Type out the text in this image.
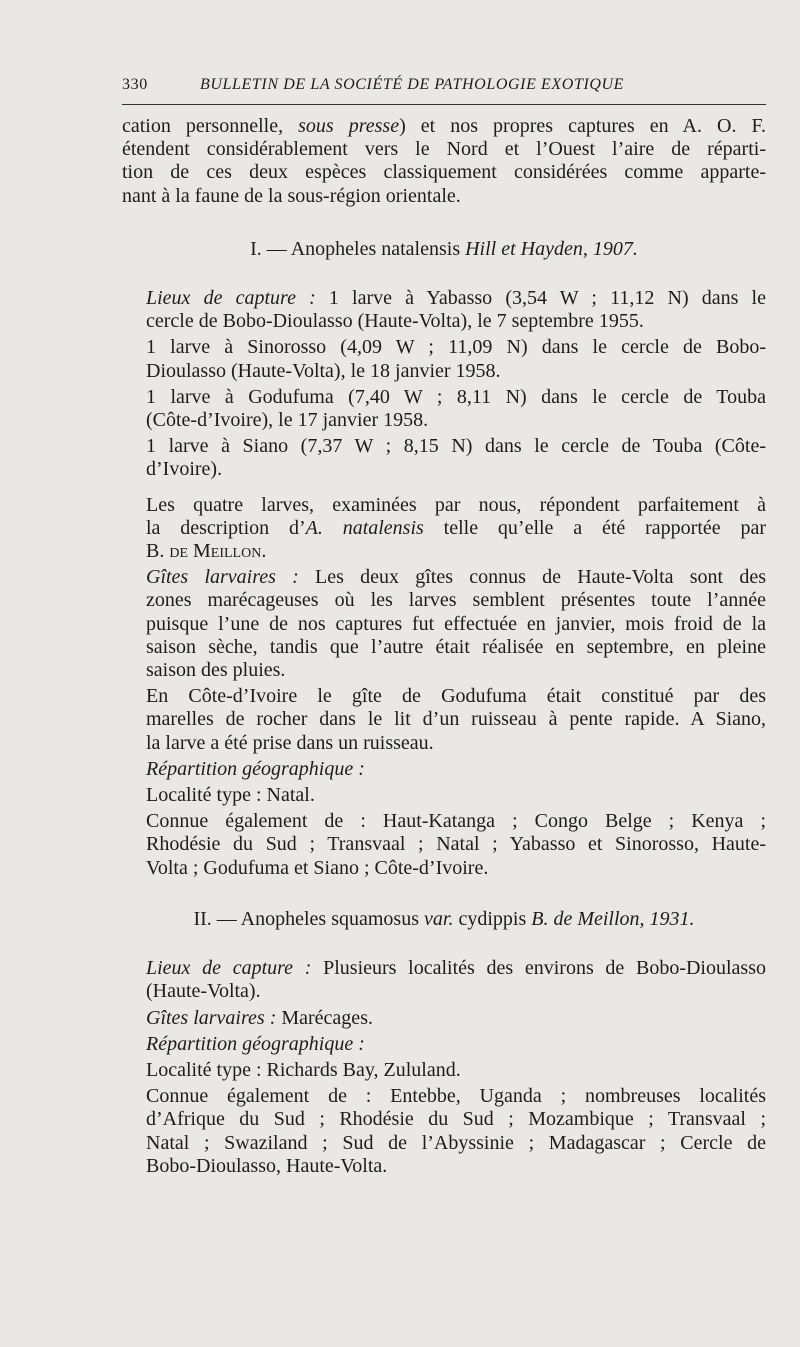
330	BULLETIN DE LA SOCIÉTÉ DE PATHOLOGIE EXOTIQUE
cation personnelle, sous presse) et nos propres captures en A. O. F.
étendent considérablement vers le Nord et l’Ouest l’aire de réparti-
tion de ces deux espèces classiquement considérées comme apparte-
nant à la faune de la sous-région orientale.
I. — Anopheles natalensis Hill et Hayden, 1907.
Lieux de capture : 1 larve à Yabasso (3,54 W ; 11,12 N) dans le
cercle de Bobo-Dioulasso (Haute-Volta), le 7 septembre 1955.
1 larve à Sinorosso (4,09 W ; 11,09 N) dans le cercle de Bobo-
Dioulasso (Haute-Volta), le 18 janvier 1958.
1 larve à Godufuma (7,40 W ; 8,11 N) dans le cercle de Touba
(Côte-d’Ivoire), le 17 janvier 1958.
1 larve à Siano (7,37 W ; 8,15 N) dans le cercle de Touba (Côte-
d’Ivoire).
Les quatre larves, examinées par nous, répondent parfaitement à
la description d’A. natalensis telle qu’elle a été rapportée par
B. de Meillon.
Gîtes larvaires : Les deux gîtes connus de Haute-Volta sont des
zones marécageuses où les larves semblent présentes toute l’année
puisque l’une de nos captures fut effectuée en janvier, mois froid de la
saison sèche, tandis que l’autre était réalisée en septembre, en pleine
saison des pluies.
En Côte-d’Ivoire le gîte de Godufuma était constitué par des
marelles de rocher dans le lit d’un ruisseau à pente rapide. A Siano,
la larve a été prise dans un ruisseau.
Répartition géographique :
Localité type : Natal.
Connue également de : Haut-Katanga ; Congo Belge ; Kenya ;
Rhodésie du Sud ; Transvaal ; Natal ; Yabasso et Sinorosso, Haute-
Volta ; Godufuma et Siano ; Côte-d’Ivoire.
II. — Anopheles squamosus var. cydippis B. de Meillon, 1931.
Lieux de capture : Plusieurs localités des environs de Bobo-Dioulasso
(Haute-Volta).
Gîtes larvaires : Marécages.
Répartition géographique :
Localité type : Richards Bay, Zululand.
Connue également de : Entebbe, Uganda ; nombreuses localités
d’Afrique du Sud ; Rhodésie du Sud ; Mozambique ; Transvaal ;
Natal ; Swaziland ; Sud de l’Abyssinie ; Madagascar ; Cercle de
Bobo-Dioulasso, Haute-Volta.
